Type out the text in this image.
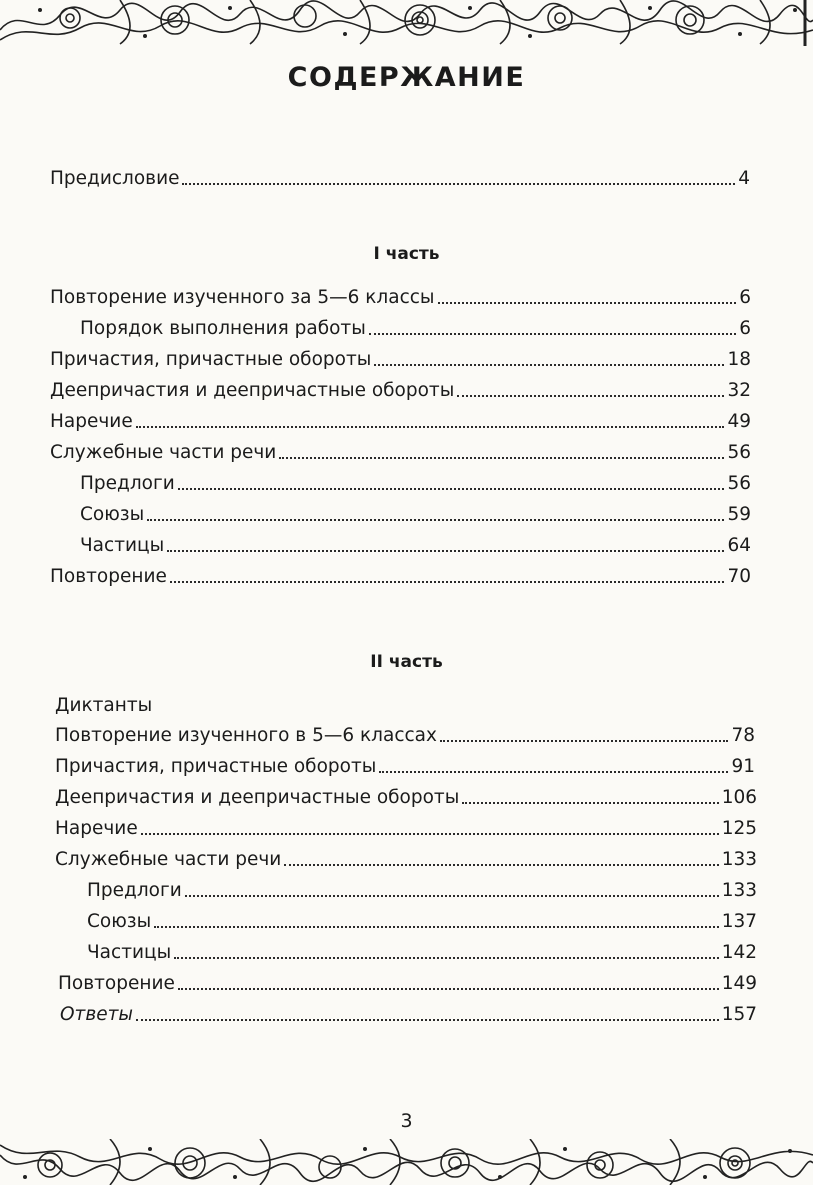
СОДЕРЖАНИЕ
Предисловие	4
I часть
Повторение изученного за 5—6 классы	6
Порядок выполнения работы	6
Причастия, причастные обороты	18
Деепричастия и деепричастные обороты	32
Наречие	49
Служебные части речи	56
Предлоги	56
Союзы	59
Частицы	64
Повторение	70
II часть
Диктанты
Повторение изученного в 5—6 классах	78
Причастия, причастные обороты	91
Деепричастия и деепричастные обороты	106
Наречие	125
Служебные части речи	133
Предлоги	133
Союзы	137
Частицы	142
Повторение	149
Ответы	157
3
